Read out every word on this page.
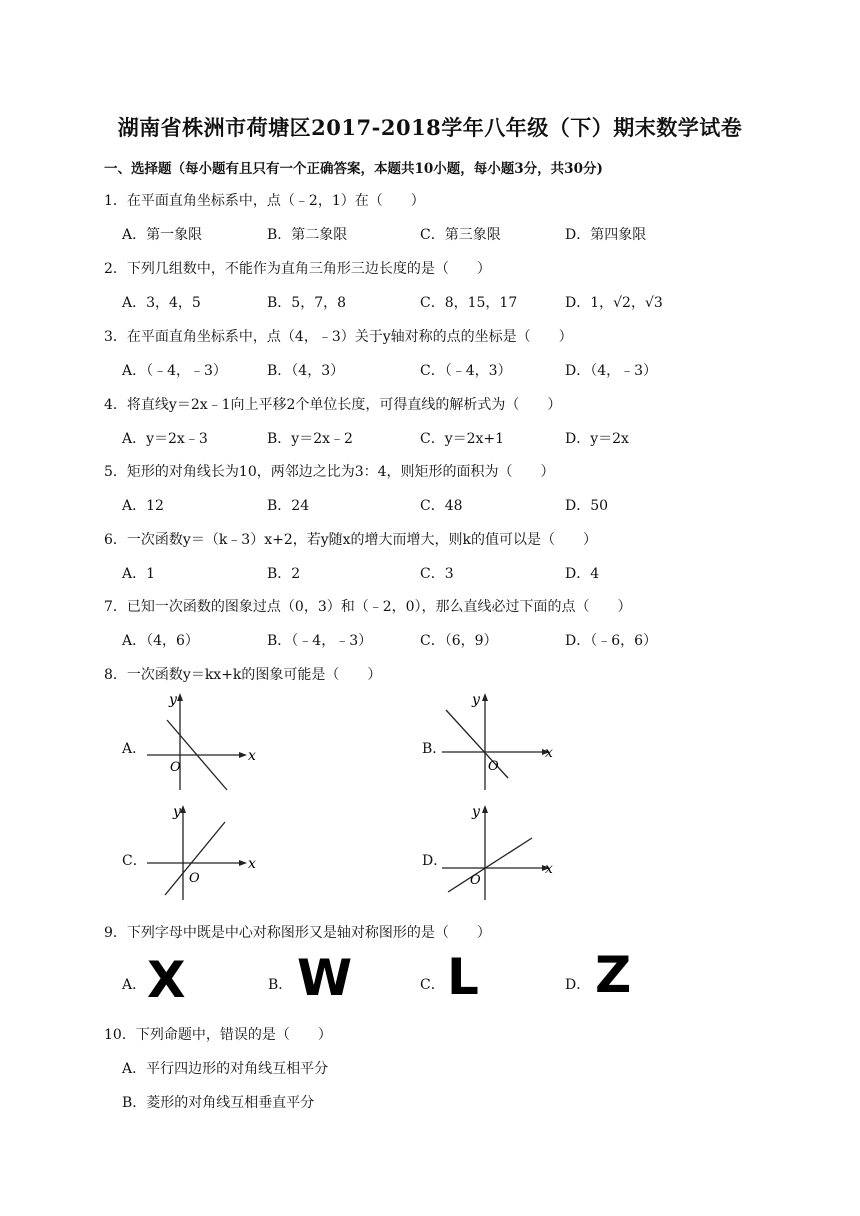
湖南省株洲市荷塘区2017-2018学年八年级（下）期末数学试卷
一、选择题（每小题有且只有一个正确答案，本题共10小题，每小题3分，共30分)
1．在平面直角坐标系中，点（﹣2，1）在（　　）
A．第一象限	B．第二象限	C．第三象限	D．第四象限
2．下列几组数中，不能作为直角三角形三边长度的是（　　）
A．3，4，5	B．5，7，8	C．8，15，17	D．1，√2，√3
3．在平面直角坐标系中，点（4，﹣3）关于y轴对称的点的坐标是（　　）
A．（﹣4，﹣3）	B．（4，3）	C．（﹣4，3）	D．（4，﹣3）
4．将直线y＝2x﹣1向上平移2个单位长度，可得直线的解析式为（　　）
A．y＝2x﹣3	B．y＝2x﹣2	C．y＝2x+1	D．y＝2x
5．矩形的对角线长为10，两邻边之比为3：4，则矩形的面积为（　　）
A．12	B．24	C．48	D．50
6．一次函数y＝（k﹣3）x+2，若y随x的增大而增大，则k的值可以是（　　）
A．1	B．2	C．3	D．4
7．已知一次函数的图象过点（0，3）和（﹣2，0），那么直线必过下面的点（　　）
A．（4，6）	B．（﹣4，﹣3）	C．（6，9）	D．（﹣6，6）
8．一次函数y＝kx+k的图象可能是（　　）
A．
y
x
O
B．
y
x
O
C．
y
x
O
D．
y
x
O
9．下列字母中既是中心对称图形又是轴对称图形的是（　　）
A． X	B． W	C． L	D． Z
10．下列命题中，错误的是（　　）
A．平行四边形的对角线互相平分
B．菱形的对角线互相垂直平分
